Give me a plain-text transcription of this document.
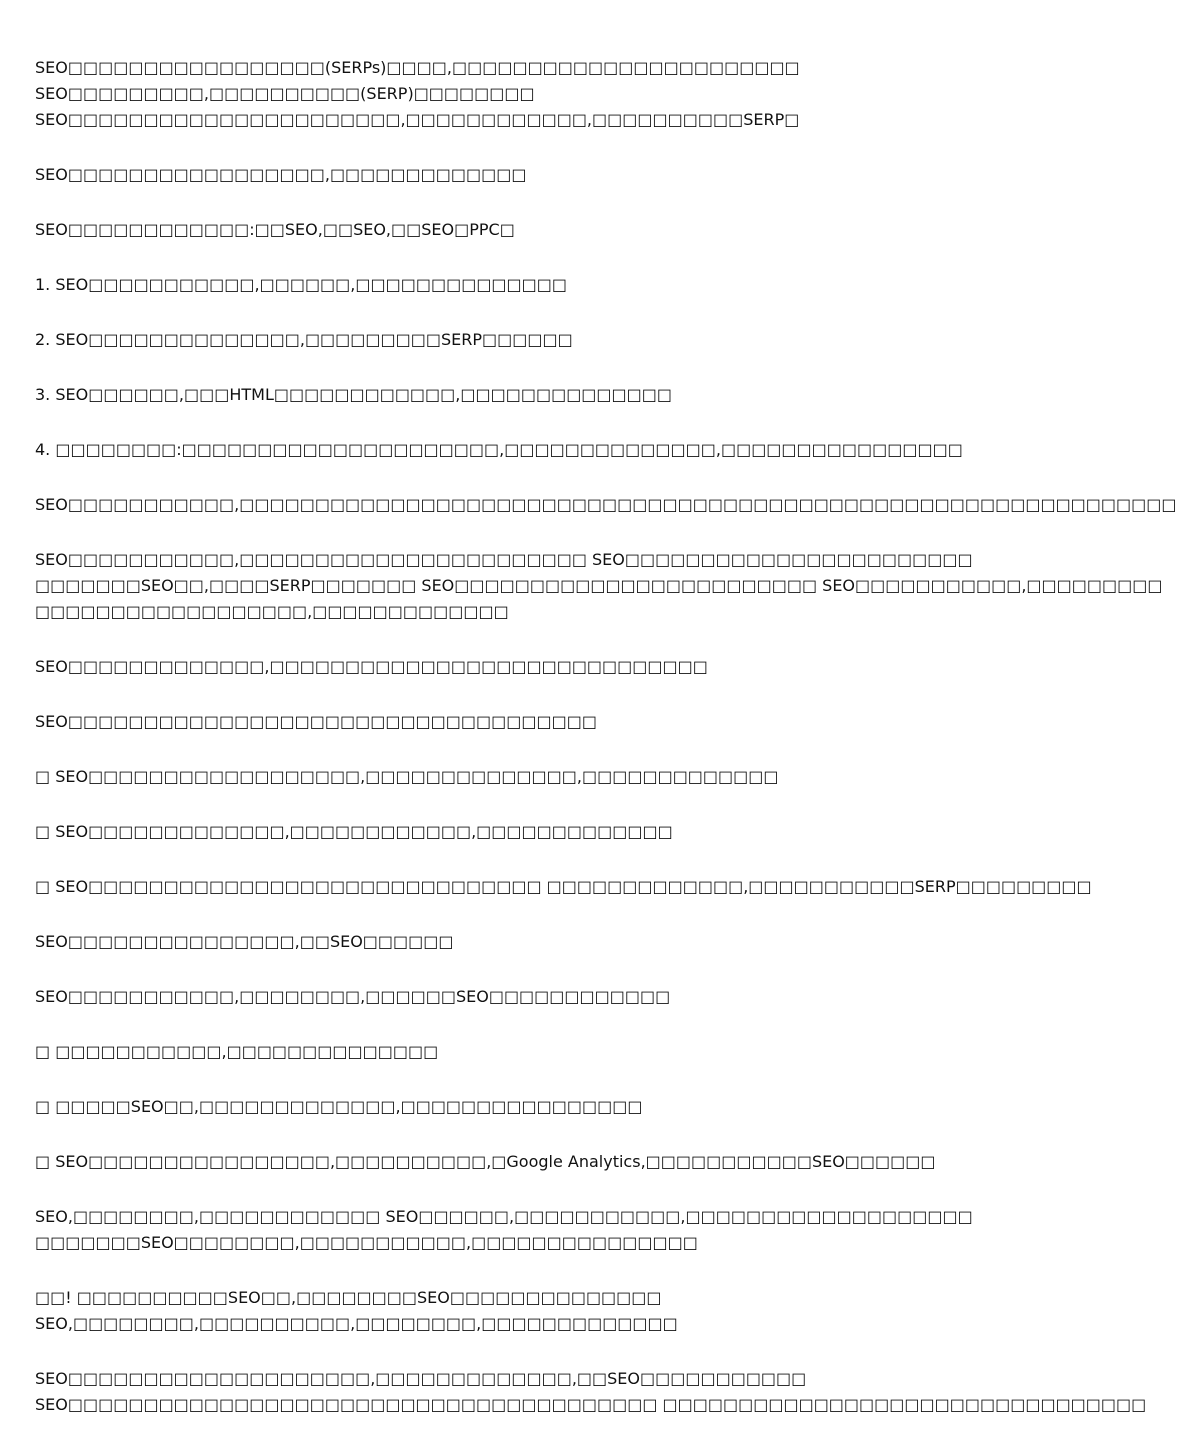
SEO□□□□□□□□□□□□□□□□□(SERPs)□□□□,□□□□□□□□□□□□□□□□□□□□□□□
SEO□□□□□□□□□,□□□□□□□□□□(SERP)□□□□□□□□
SEO□□□□□□□□□□□□□□□□□□□□□□,□□□□□□□□□□□□,□□□□□□□□□□SERP□

SEO□□□□□□□□□□□□□□□□□,□□□□□□□□□□□□□

SEO□□□□□□□□□□□□:□□SEO,□□SEO,□□SEO□PPC□

1. SEO□□□□□□□□□□□,□□□□□□,□□□□□□□□□□□□□□

2. SEO□□□□□□□□□□□□□□,□□□□□□□□□SERP□□□□□□

3. SEO□□□□□□,□□□HTML□□□□□□□□□□□□,□□□□□□□□□□□□□□

4. □□□□□□□□:□□□□□□□□□□□□□□□□□□□□□,□□□□□□□□□□□□□□,□□□□□□□□□□□□□□□□

SEO□□□□□□□□□□□,□□□□□□□□□□□□□□□□□□□□□□□□□□□□□□□□□□□□□□□□□□□□□□□□□□□□□□□□□□□□□□

SEO□□□□□□□□□□□,□□□□□□□□□□□□□□□□□□□□□□□ SEO□□□□□□□□□□□□□□□□□□□□□□□
□□□□□□□SEO□□,□□□□SERP□□□□□□□ SEO□□□□□□□□□□□□□□□□□□□□□□□□ SEO□□□□□□□□□□□,□□□□□□□□□
□□□□□□□□□□□□□□□□□□,□□□□□□□□□□□□□

SEO□□□□□□□□□□□□□,□□□□□□□□□□□□□□□□□□□□□□□□□□□□□

SEO□□□□□□□□□□□□□□□□□□□□□□□□□□□□□□□□□□□

□ SEO□□□□□□□□□□□□□□□□□□,□□□□□□□□□□□□□□,□□□□□□□□□□□□□

□ SEO□□□□□□□□□□□□□,□□□□□□□□□□□□,□□□□□□□□□□□□□

□ SEO□□□□□□□□□□□□□□□□□□□□□□□□□□□□□□ □□□□□□□□□□□□□,□□□□□□□□□□□SERP□□□□□□□□□

SEO□□□□□□□□□□□□□□□,□□SEO□□□□□□

SEO□□□□□□□□□□□,□□□□□□□□,□□□□□□SEO□□□□□□□□□□□□

□ □□□□□□□□□□□,□□□□□□□□□□□□□□

□ □□□□□SEO□□,□□□□□□□□□□□□□,□□□□□□□□□□□□□□□□

□ SEO□□□□□□□□□□□□□□□□,□□□□□□□□□□,□Google Analytics,□□□□□□□□□□□SEO□□□□□□

SEO,□□□□□□□□,□□□□□□□□□□□□ SEO□□□□□□,□□□□□□□□□□□,□□□□□□□□□□□□□□□□□□□
□□□□□□□SEO□□□□□□□□,□□□□□□□□□□□,□□□□□□□□□□□□□□□

□□! □□□□□□□□□□SEO□□,□□□□□□□□SEO□□□□□□□□□□□□□□
SEO,□□□□□□□□,□□□□□□□□□□,□□□□□□□□,□□□□□□□□□□□□□

SEO□□□□□□□□□□□□□□□□□□□□,□□□□□□□□□□□□□,□□SEO□□□□□□□□□□□
SEO□□□□□□□□□□□□□□□□□□□□□□□□□□□□□□□□□□□□□□□ □□□□□□□□□□□□□□□□□□□□□□□□□□□□□□□□
